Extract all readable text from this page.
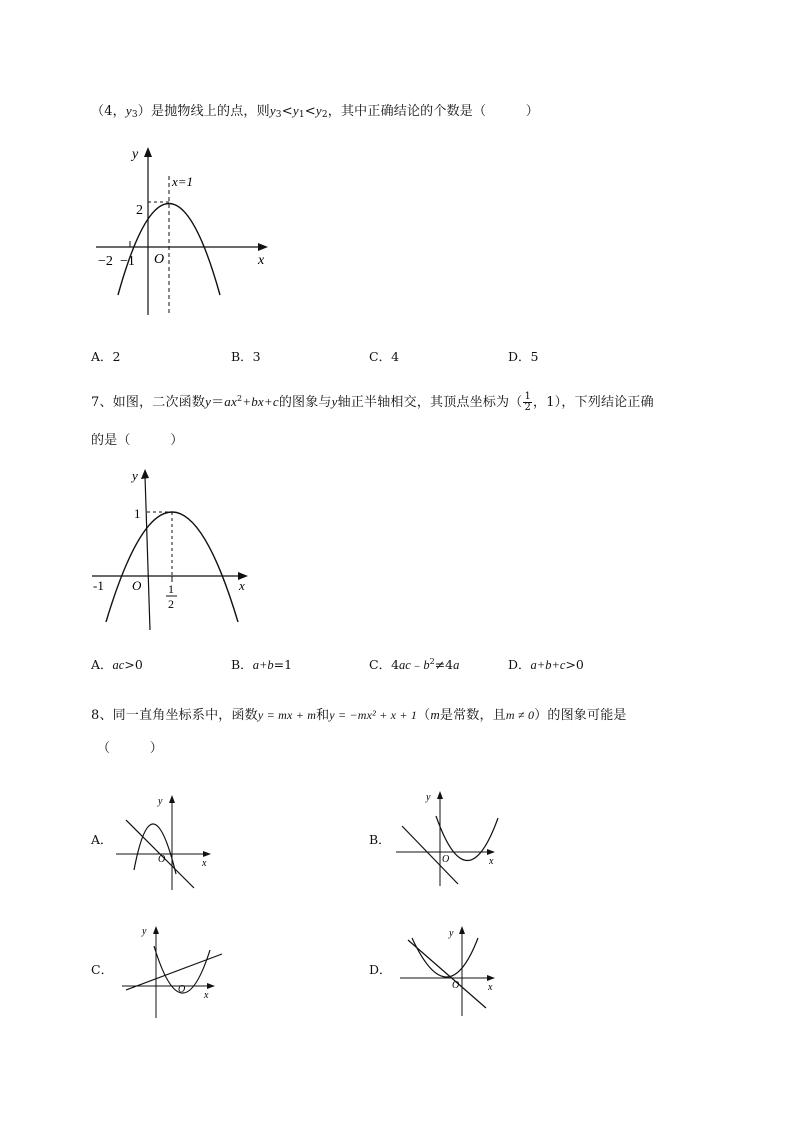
（4，$y_3$）是抛物线上的点，则$y_3<y_1<y_2$，其中正确结论的个数是（　　　）
y
x
x=1
2
−2 −1 O
A．2	B．3	C．4	D．5
7、如图，二次函数$y=ax^2+bx+c$的图象与y轴正半轴相交，其顶点坐标为（ $\frac{1}{2}$ ，1），下列结论正确
的是（　　　）
y
x
1
-1 O 1
2
A．ac>0	B．a+b=1	C．$4ac﹣b^2\ne 4a$	D．a+b+c>0
8、同一直角坐标系中，函数y = mx + m和y = −mx² + x + 1（m是常数，且m ≠ 0）的图象可能是
（　　　）
A．
y
x
O
B．
y
x
O
C．
y
x
O
D．
y
x
O
